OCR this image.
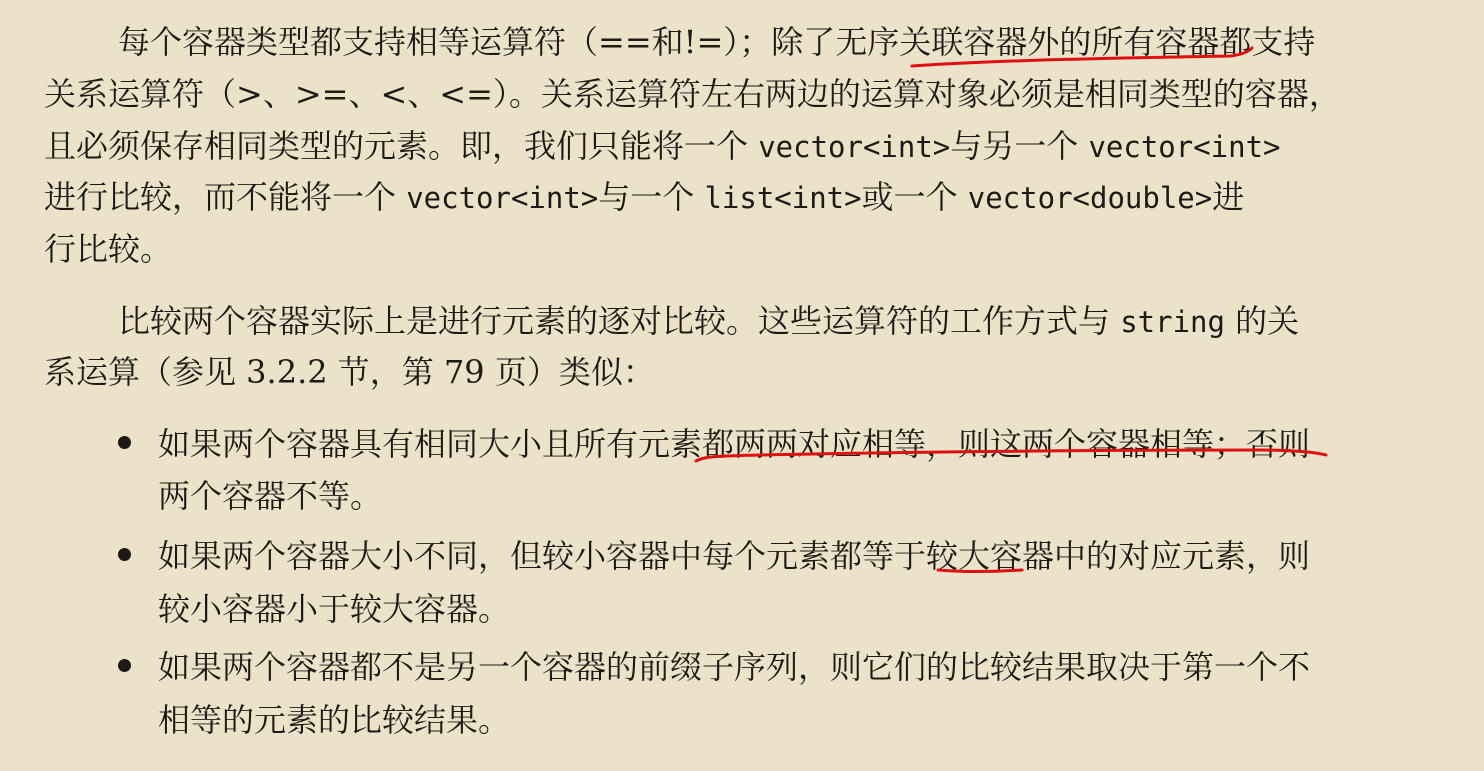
每个容器类型都支持相等运算符（==和!=）；除了无序关联容器外的所有容器都支持
关系运算符（>、>=、<、<=）。关系运算符左右两边的运算对象必须是相同类型的容器，
且必须保存相同类型的元素。即，我们只能将一个 vector<int>与另一个 vector<int>
进行比较，而不能将一个 vector<int>与一个 list<int>或一个 vector<double>进
行比较。
比较两个容器实际上是进行元素的逐对比较。这些运算符的工作方式与 string 的关
系运算（参见 3.2.2 节，第 79 页）类似：
如果两个容器具有相同大小且所有元素都两两对应相等，则这两个容器相等；否则
两个容器不等。
如果两个容器大小不同，但较小容器中每个元素都等于较大容器中的对应元素，则
较小容器小于较大容器。
如果两个容器都不是另一个容器的前缀子序列，则它们的比较结果取决于第一个不
相等的元素的比较结果。
